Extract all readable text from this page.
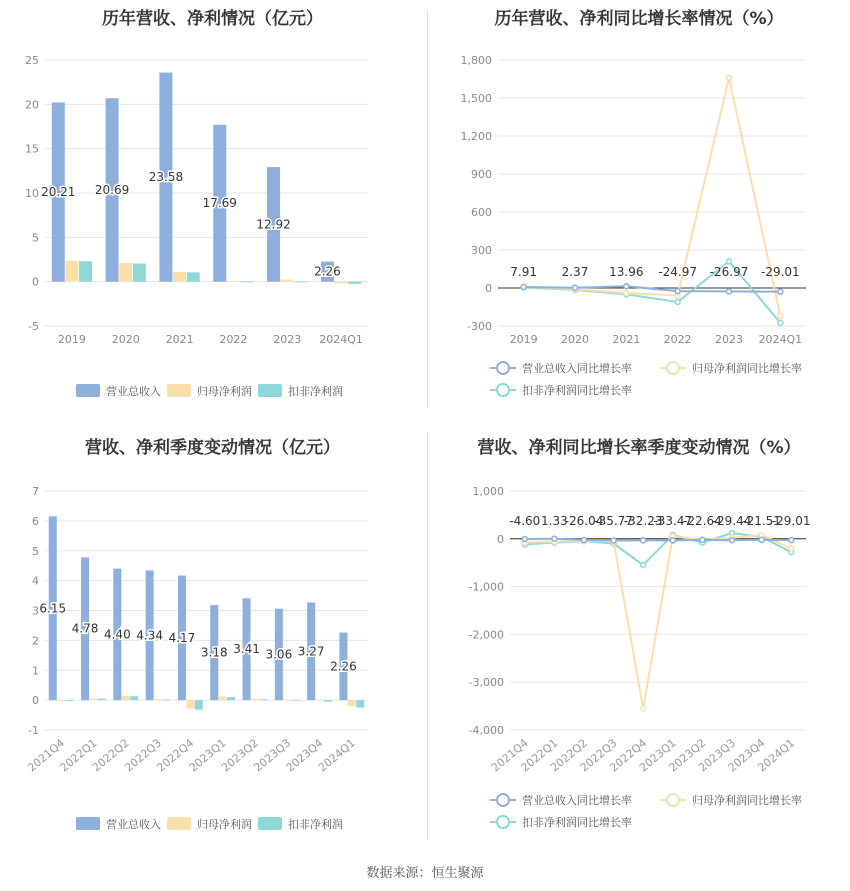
历年营收、净利情况（亿元）
-5
0
5
10
15
20
25
2019 2020 2021 2022 2023 2024Q1
20.21 20.69
23.58
17.69
12.92
2.26
营业总收入	归母净利润	扣非净利润
历年营收、净利同比增长率情况（%）
-300
0
300
600
900
1,200
1,500
1,800
2019 2020 2021 2022 2023 2024Q1
7.91 2.37 13.96 -24.97 -26.97 -29.01
营业总收入同比增长率	归母净利润同比增长率
扣非净利润同比增长率
营收、净利季度变动情况（亿元）
-1
0
1
2
3
4
5
6
7
2021Q4
2022Q1
2022Q2
2022Q3
2022Q4
2023Q1
2023Q2
2023Q3
2023Q4
2024Q1
6.15
4.78 4.40 4.34 4.17
3.18 3.41 3.06 3.27
2.26
营业总收入	归母净利润	扣非净利润
营收、净利同比增长率季度变动情况（%）
-4,000
-3,000
-2,000
-1,000
0
1,000
2021Q4
2022Q1
2022Q2
2022Q3
2022Q4
2023Q1
2023Q2
2023Q3
2023Q4
2024Q1
-4.60 1.33
-26.04
-35.77
-32.23
-33.47
-22.64
-29.44
-21.51
-29.01
营业总收入同比增长率	归母净利润同比增长率
扣非净利润同比增长率
数据来源：恒生聚源
